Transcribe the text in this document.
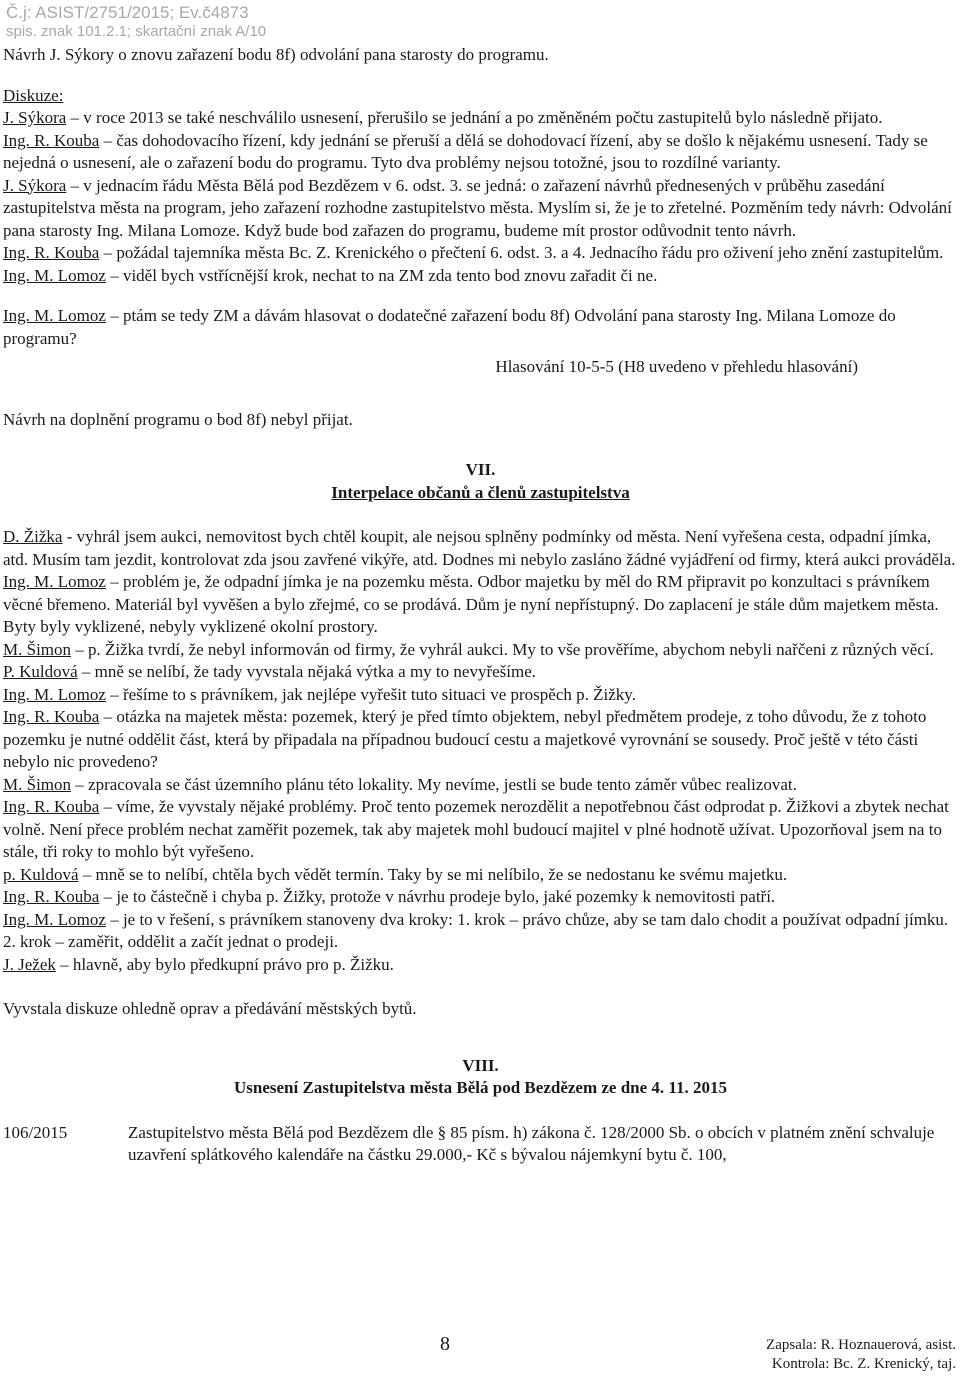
Č.j: ASIST/2751/2015; Ev.č4873
spis. znak 101.2.1; skartační znak A/10

Návrh J. Sýkory o znovu zařazení bodu 8f) odvolání pana starosty do programu.

Diskuze:

J. Sýkora – v roce 2013 se také neschválilo usnesení, přerušilo se jednání a po změněném počtu zastupitelů bylo následně přijato.

Ing. R. Kouba – čas dohodovacího řízení, kdy jednání se přeruší a dělá se dohodovací řízení, aby se došlo k nějakému usnesení. Tady se nejedná o usnesení, ale o zařazení bodu do programu. Tyto dva problémy nejsou totožné, jsou to rozdílné varianty.

J. Sýkora – v jednacím řádu Města Bělá pod Bezdězem v 6. odst. 3. se jedná: o zařazení návrhů přednesených v průběhu zasedání zastupitelstva města na program, jeho zařazení rozhodne zastupitelstvo města. Myslím si, že je to zřetelné. Pozměním tedy návrh: Odvolání pana starosty Ing. Milana Lomoze. Když bude bod zařazen do programu, budeme mít prostor odůvodnit tento návrh.

Ing. R. Kouba – požádal tajemníka města Bc. Z. Krenického o přečtení 6. odst. 3. a 4. Jednacího řádu pro oživení jeho znění zastupitelům.

Ing. M. Lomoz – viděl bych vstřícnější krok, nechat to na ZM zda tento bod znovu zařadit či ne.

Ing. M. Lomoz – ptám se tedy ZM a dávám hlasovat o dodatečné zařazení bodu 8f) Odvolání pana starosty Ing. Milana Lomoze do programu?

Hlasování 10-5-5 (H8 uvedeno v přehledu hlasování)

Návrh na doplnění programu o bod 8f) nebyl přijat.

VII.
Interpelace občanů a členů zastupitelstva

D. Žižka - vyhrál jsem aukci, nemovitost bych chtěl koupit, ale nejsou splněny podmínky od města. Není vyřešena cesta, odpadní jímka, atd. Musím tam jezdit, kontrolovat zda jsou zavřené vikýře, atd. Dodnes mi nebylo zasláno žádné vyjádření od firmy, která aukci prováděla.

Ing. M. Lomoz – problém je, že odpadní jímka je na pozemku města. Odbor majetku by měl do RM připravit po konzultaci s právníkem věcné břemeno. Materiál byl vyvěšen a bylo zřejmé, co se prodává. Dům je nyní nepřístupný. Do zaplacení je stále dům majetkem města. Byty byly vyklizené, nebyly vyklizené okolní prostory.

M. Šimon – p. Žižka tvrdí, že nebyl informován od firmy, že vyhrál aukci. My to vše prověříme, abychom nebyli nařčeni z různých věcí.

P. Kuldová – mně se nelíbí, že tady vyvstala nějaká výtka a my to nevyřešíme.

Ing. M. Lomoz – řešíme to s právníkem, jak nejlépe vyřešit tuto situaci ve prospěch p. Žižky.

Ing. R. Kouba – otázka na majetek města: pozemek, který je před tímto objektem, nebyl předmětem prodeje, z toho důvodu, že z tohoto pozemku je nutné oddělit část, která by připadala na případnou budoucí cestu a majetkové vyrovnání se sousedy. Proč ještě v této části nebylo nic provedeno?

M. Šimon – zpracovala se část územního plánu této lokality. My nevíme, jestli se bude tento záměr vůbec realizovat.

Ing. R. Kouba – víme, že vyvstaly nějaké problémy. Proč tento pozemek nerozdělit a nepotřebnou část odprodat p. Žižkovi a zbytek nechat volně. Není přece problém nechat zaměřit pozemek, tak aby majetek mohl budoucí majitel v plné hodnotě užívat. Upozorňoval jsem na to stále, tři roky to mohlo být vyřešeno.

p. Kuldová – mně se to nelíbí, chtěla bych vědět termín. Taky by se mi nelíbilo, že se nedostanu ke svému majetku.

Ing. R. Kouba – je to částečně i chyba p. Žižky, protože v návrhu prodeje bylo, jaké pozemky k nemovitosti patří.

Ing. M. Lomoz – je to v řešení, s právníkem stanoveny dva kroky: 1. krok – právo chůze, aby se tam dalo chodit a používat odpadní jímku. 2. krok – zaměřit, oddělit a začít jednat o prodeji.

J. Ježek – hlavně, aby bylo předkupní právo pro p. Žižku.

Vyvstala diskuze ohledně oprav a předávání městských bytů.

VIII.
Usnesení Zastupitelstva města Bělá pod Bezdězem ze dne 4. 11. 2015
106/2015	Zastupitelstvo města Bělá pod Bezdězem dle § 85 písm. h) zákona č. 128/2000 Sb. o obcích v platném znění schvaluje uzavření splátkového kalendáře na částku 29.000,- Kč s bývalou nájemkyní bytu č. 100,
8	Zapsala: R. Hoznauerová, asist.
Kontrola: Bc. Z. Krenický, taj.
